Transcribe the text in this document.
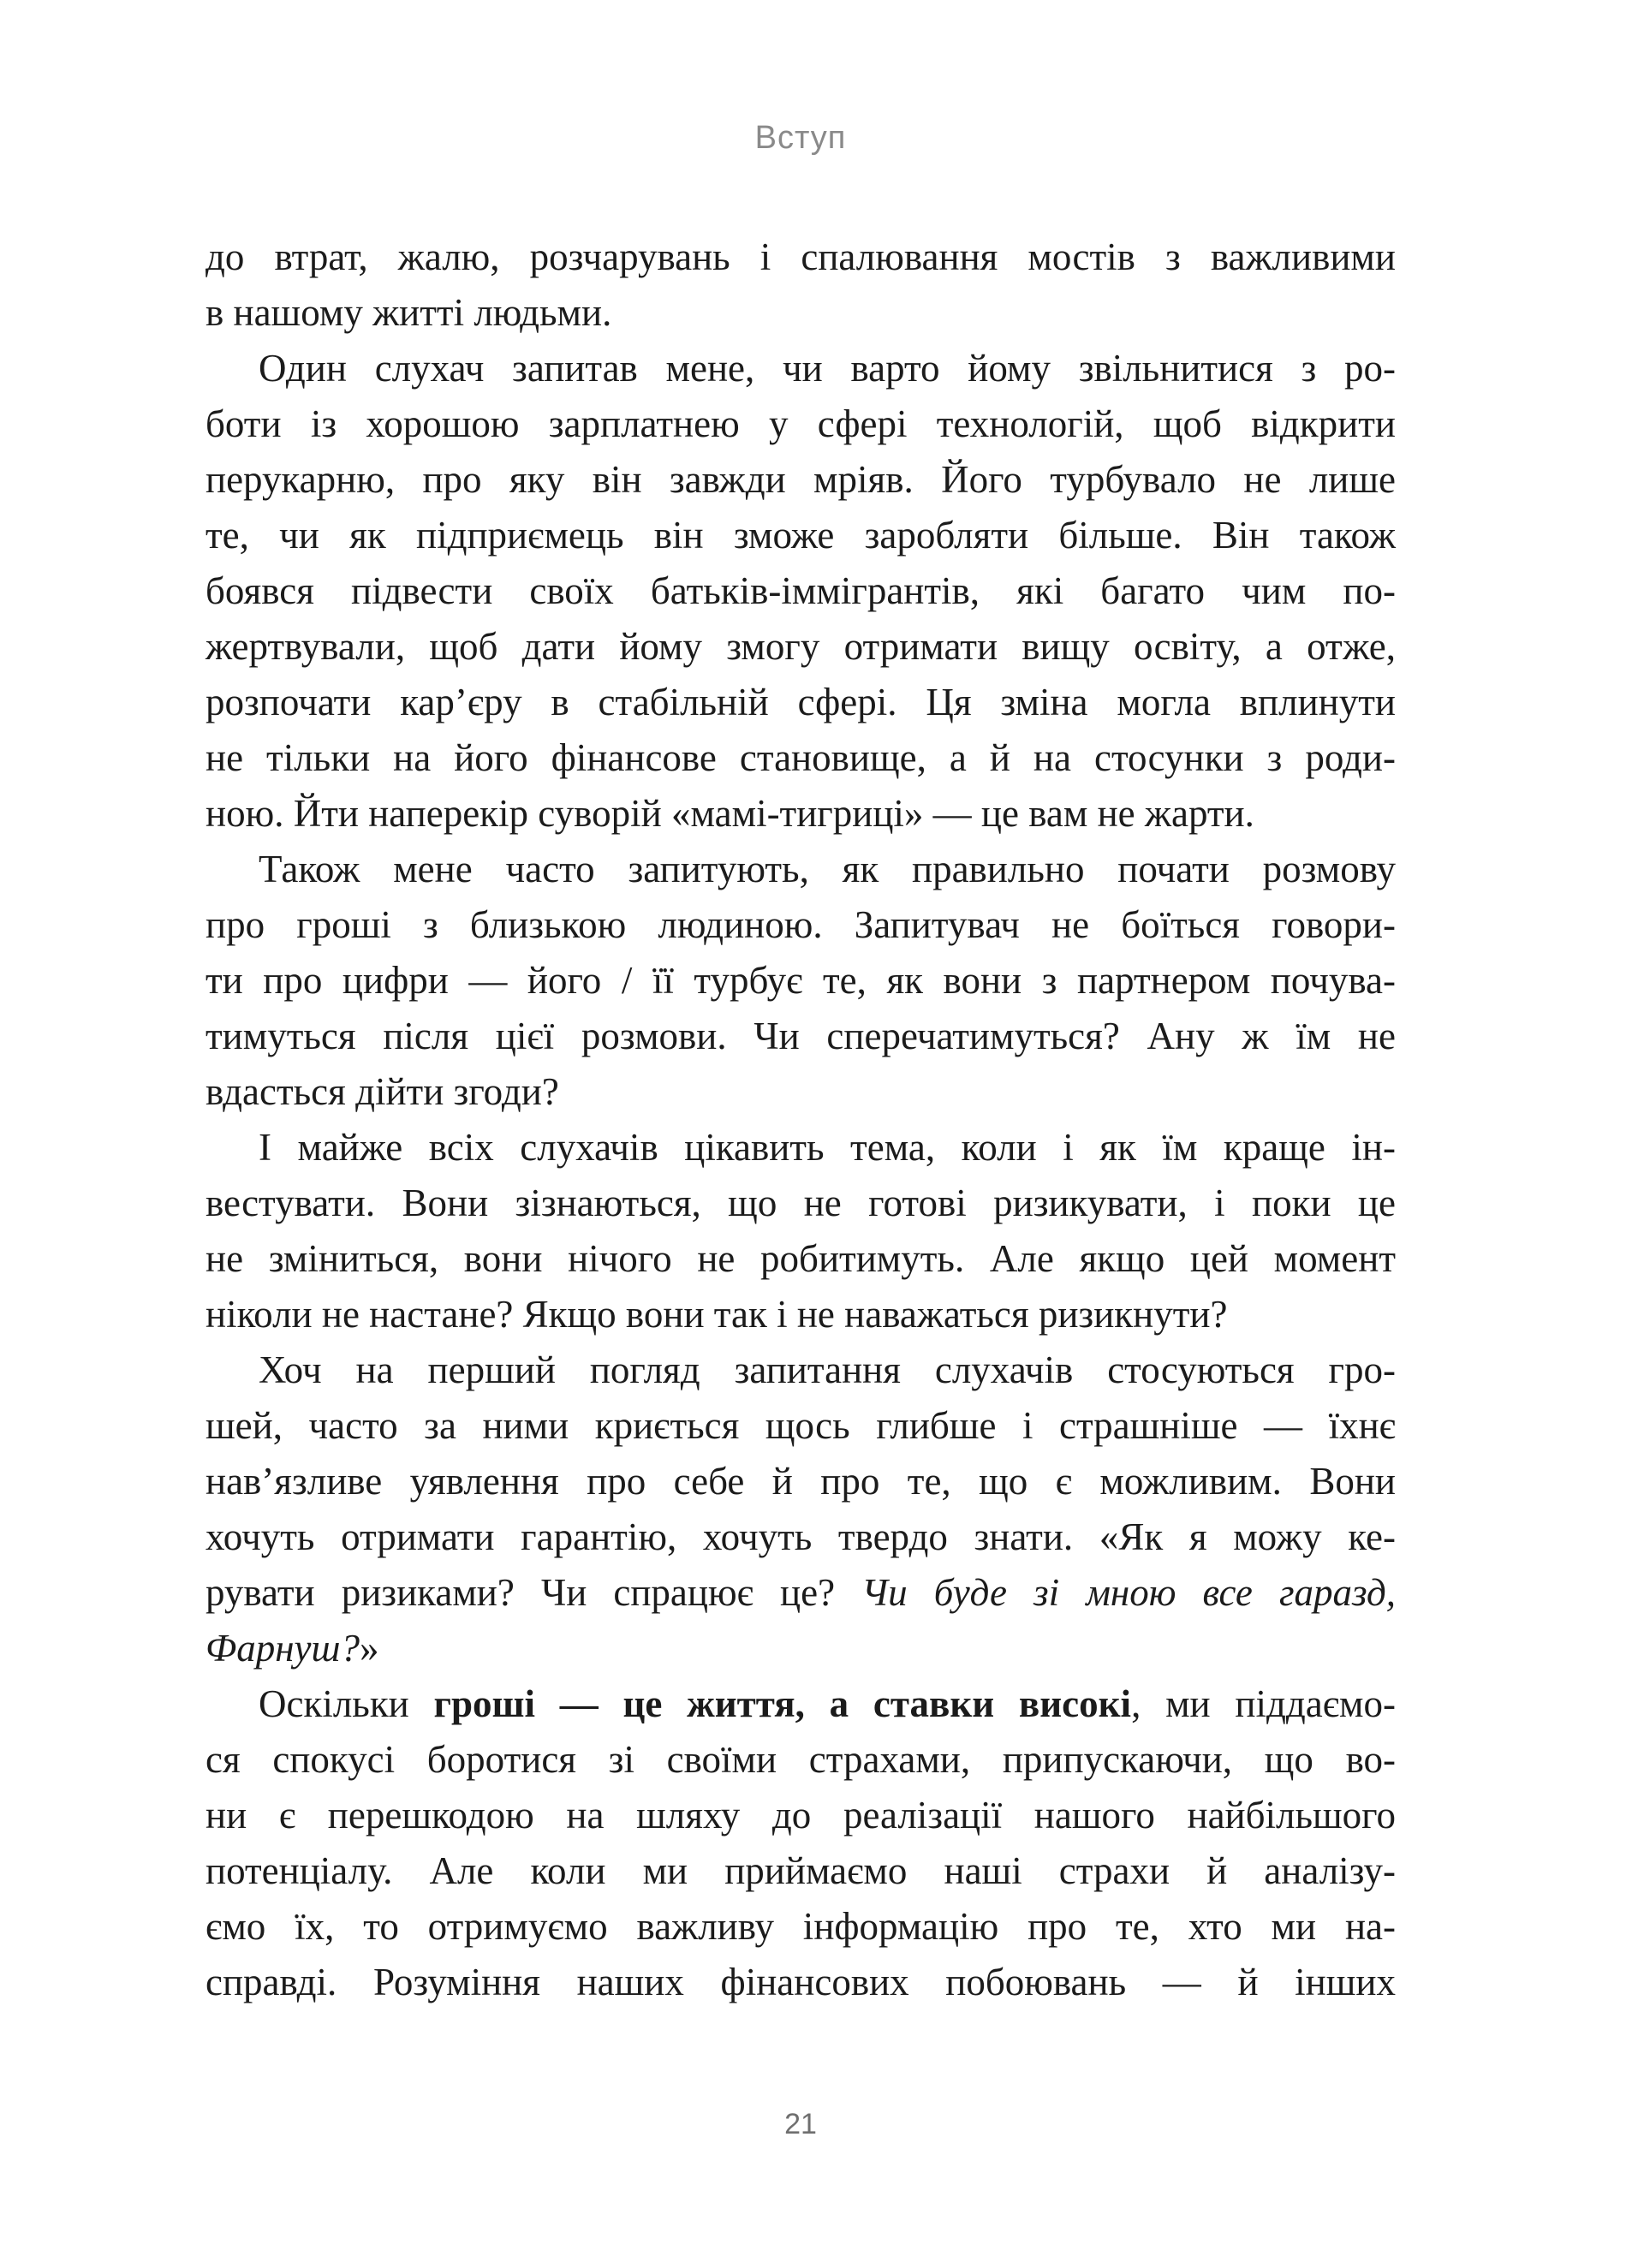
Вступ
до втрат, жалю, розчарувань і спалювання мостів з важливими
в нашому житті людьми.
Один слухач запитав мене, чи варто йому звільнитися з ро-
боти із хорошою зарплатнею у сфері технологій, щоб відкрити
перукарню, про яку він завжди мріяв. Його турбувало не лише
те, чи як підприємець він зможе заробляти більше. Він також
боявся підвести своїх батьків-іммігрантів, які багато чим по-
жертвували, щоб дати йому змогу отримати вищу освіту, а отже,
розпочати кар’єру в стабільній сфері. Ця зміна могла вплинути
не тільки на його фінансове становище, а й на стосунки з роди-
ною. Йти наперекір суворій «мамі-тигриці» — це вам не жарти.
Також мене часто запитують, як правильно почати розмову
про гроші з близькою людиною. Запитувач не боїться говори-
ти про цифри — його / її турбує те, як вони з партнером почува-
тимуться після цієї розмови. Чи сперечатимуться? Ану ж їм не
вдасться дійти згоди?
І майже всіх слухачів цікавить тема, коли і як їм краще ін-
вестувати. Вони зізнаються, що не готові ризикувати, і поки це
не зміниться, вони нічого не робитимуть. Але якщо цей момент
ніколи не настане? Якщо вони так і не наважаться ризикнути?
Хоч на перший погляд запитання слухачів стосуються гро-
шей, часто за ними криється щось глибше і страшніше — їхнє
нав’язливе уявлення про себе й про те, що є можливим. Вони
хочуть отримати гарантію, хочуть твердо знати. «Як я можу ке-
рувати ризиками? Чи спрацює це? Чи буде зі мною все гаразд,
Фарнуш?»
Оскільки гроші — це життя, а ставки високі, ми піддаємо-
ся спокусі боротися зі своїми страхами, припускаючи, що во-
ни є перешкодою на шляху до реалізації нашого найбільшого
потенціалу. Але коли ми приймаємо наші страхи й аналізу-
ємо їх, то отримуємо важливу інформацію про те, хто ми на-
справді. Розуміння наших фінансових побоювань — й інших
21
